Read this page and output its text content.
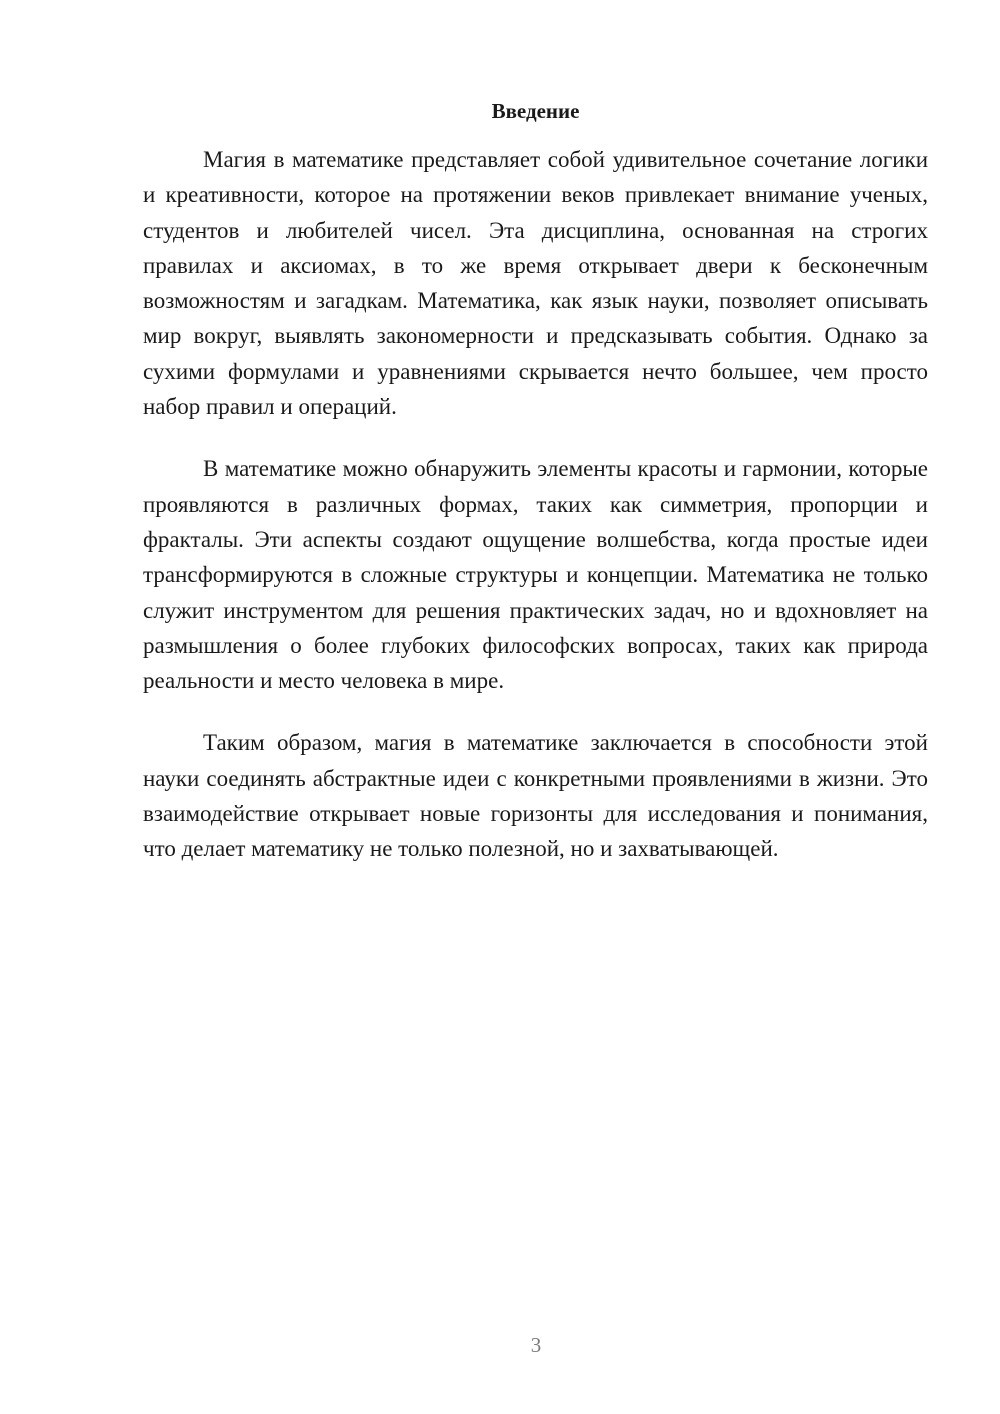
Введение

Магия в математике представляет собой удивительное сочетание логики и креативности, которое на протяжении веков привлекает внимание ученых, студентов и любителей чисел. Эта дисциплина, основанная на строгих правилах и аксиомах, в то же время открывает двери к бесконечным возможностям и загадкам. Математика, как язык науки, позволяет описывать мир вокруг, выявлять закономерности и предсказывать события. Однако за сухими формулами и уравнениями скрывается нечто большее, чем просто набор правил и операций.

В математике можно обнаружить элементы красоты и гармонии, которые проявляются в различных формах, таких как симметрия, пропорции и фракталы. Эти аспекты создают ощущение волшебства, когда простые идеи трансформируются в сложные структуры и концепции. Математика не только служит инструментом для решения практических задач, но и вдохновляет на размышления о более глубоких философских вопросах, таких как природа реальности и место человека в мире.

Таким образом, магия в математике заключается в способности этой науки соединять абстрактные идеи с конкретными проявлениями в жизни. Это взаимодействие открывает новые горизонты для исследования и понимания, что делает математику не только полезной, но и захватывающей.

3
